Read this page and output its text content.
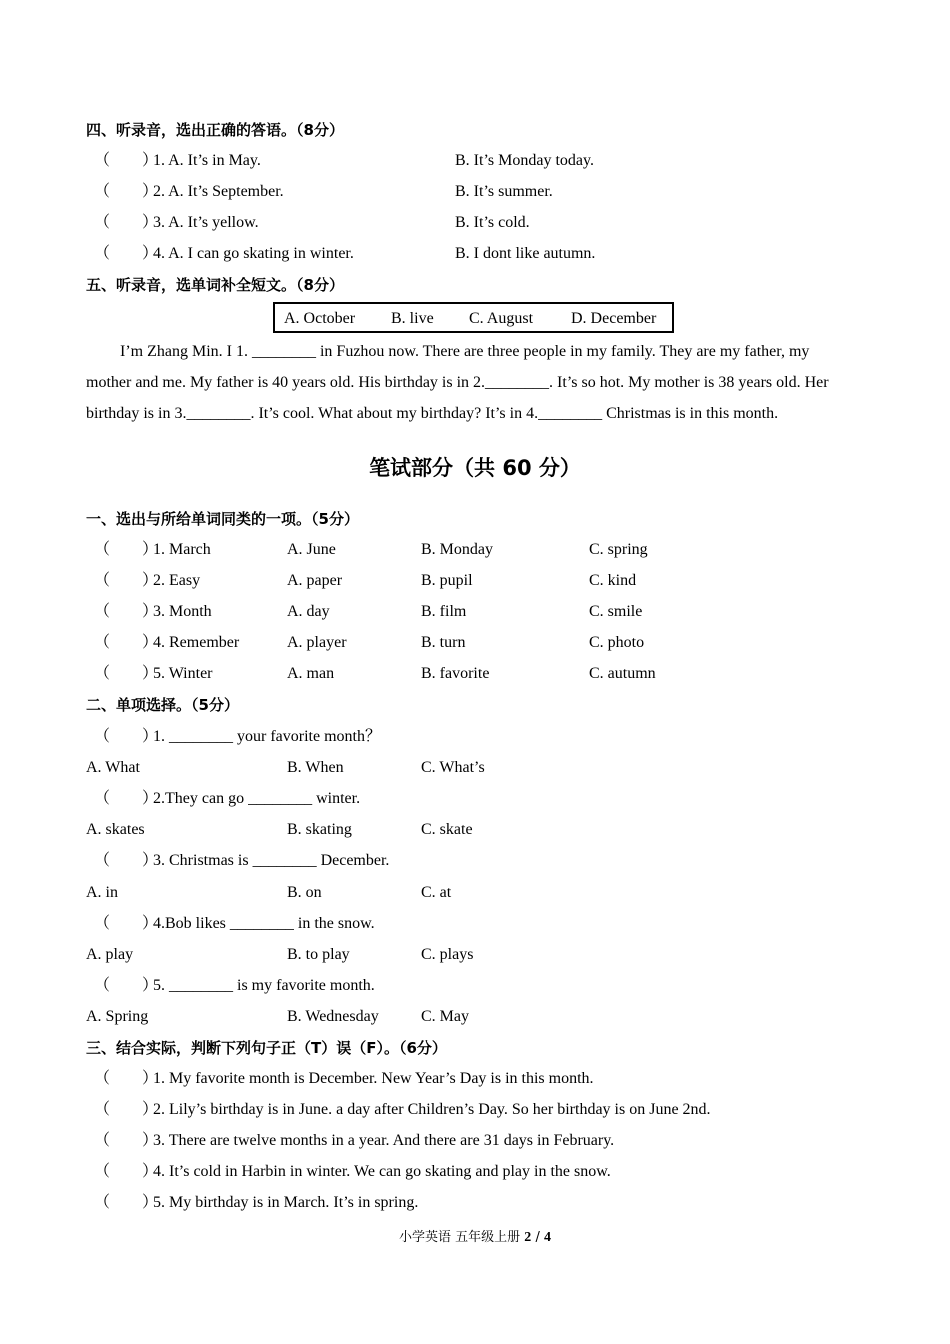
四、听录音，选出正确的答语。（8分）
（　　）
1. A. It’s in May.	B. It’s Monday today.
（　　）
2. A. It’s September.	B. It’s summer.
（　　）
3. A. It’s yellow.	B. It’s cold.
（　　）
4. A. I can go skating in winter.	B. I dont like autumn.
五、听录音，选单词补全短文。（8分）
A. October B. live C. August D. December
I’m Zhang Min. I 1. ________ in Fuzhou now. There are three people in my family. They are my father, my
mother and me. My father is 40 years old. His birthday is in 2.________. It’s so hot. My mother is 38 years old. Her
birthday is in 3.________. It’s cool. What about my birthday? It’s in 4.________ Christmas is in this month.
笔试部分（共 60 分）
一、选出与所给单词同类的一项。（5分）
（　　）
1. March	A. June	B. Monday	C. spring
（　　）
2. Easy	A. paper	B. pupil	C. kind
（　　）
3. Month	A. day	B. film	C. smile
（　　）
4. Remember	A. player	B. turn	C. photo
（　　）
5. Winter	A. man	B. favorite	C. autumn
二、单项选择。（5分）
（　　）
1. ________ your favorite month？
A. What	B. When	C. What’s
（　　）
2.They can go ________ winter.
A. skates	B. skating	C. skate
（　　）
3. Christmas is ________ December.
A. in	B. on	C. at
（　　）
4.Bob likes ________ in the snow.
A. play	B. to play	C. plays
（　　）
5. ________ is my favorite month.
A. Spring	B. Wednesday	C. May
三、结合实际，判断下列句子正（T）误（F）。（6分）
（　　）
1. My favorite month is December. New Year’s Day is in this month.
（　　）
2. Lily’s birthday is in June. a day after Children’s Day. So her birthday is on June 2nd.
（　　）
3. There are twelve months in a year. And there are 31 days in February.
（　　）
4. It’s cold in Harbin in winter. We can go skating and play in the snow.
（　　）
5. My birthday is in March. It’s in spring.
小学英语 五年级上册 2 / 4
